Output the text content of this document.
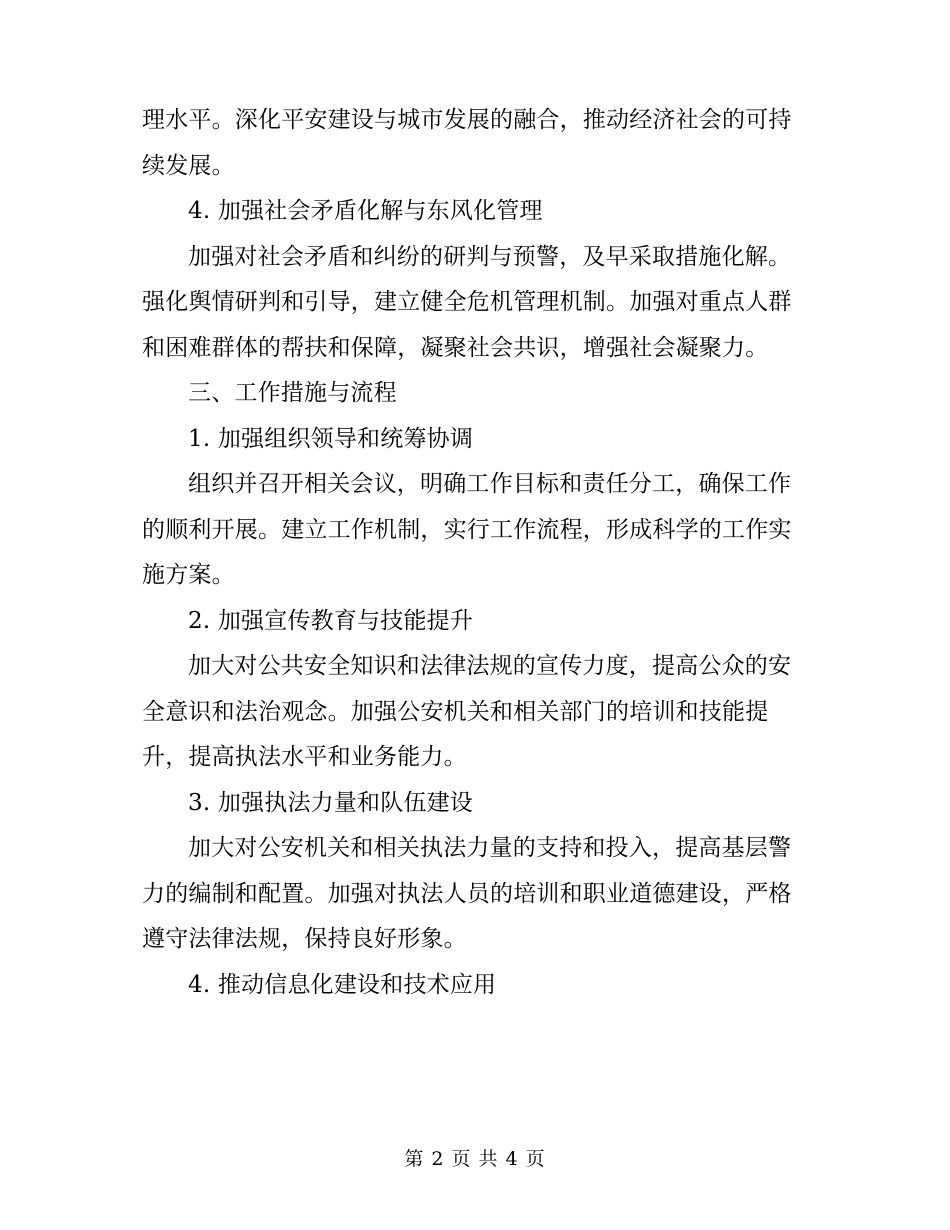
理水平。深化平安建设与城市发展的融合，推动经济社会的可持
续发展。
4. 加强社会矛盾化解与东风化管理
加强对社会矛盾和纠纷的研判与预警，及早采取措施化解。
强化舆情研判和引导，建立健全危机管理机制。加强对重点人群
和困难群体的帮扶和保障，凝聚社会共识，增强社会凝聚力。
三、工作措施与流程
1. 加强组织领导和统筹协调
组织并召开相关会议，明确工作目标和责任分工，确保工作
的顺利开展。建立工作机制，实行工作流程，形成科学的工作实
施方案。
2. 加强宣传教育与技能提升
加大对公共安全知识和法律法规的宣传力度，提高公众的安
全意识和法治观念。加强公安机关和相关部门的培训和技能提
升，提高执法水平和业务能力。
3. 加强执法力量和队伍建设
加大对公安机关和相关执法力量的支持和投入，提高基层警
力的编制和配置。加强对执法人员的培训和职业道德建设，严格
遵守法律法规，保持良好形象。
4. 推动信息化建设和技术应用
第 2 页 共 4 页
